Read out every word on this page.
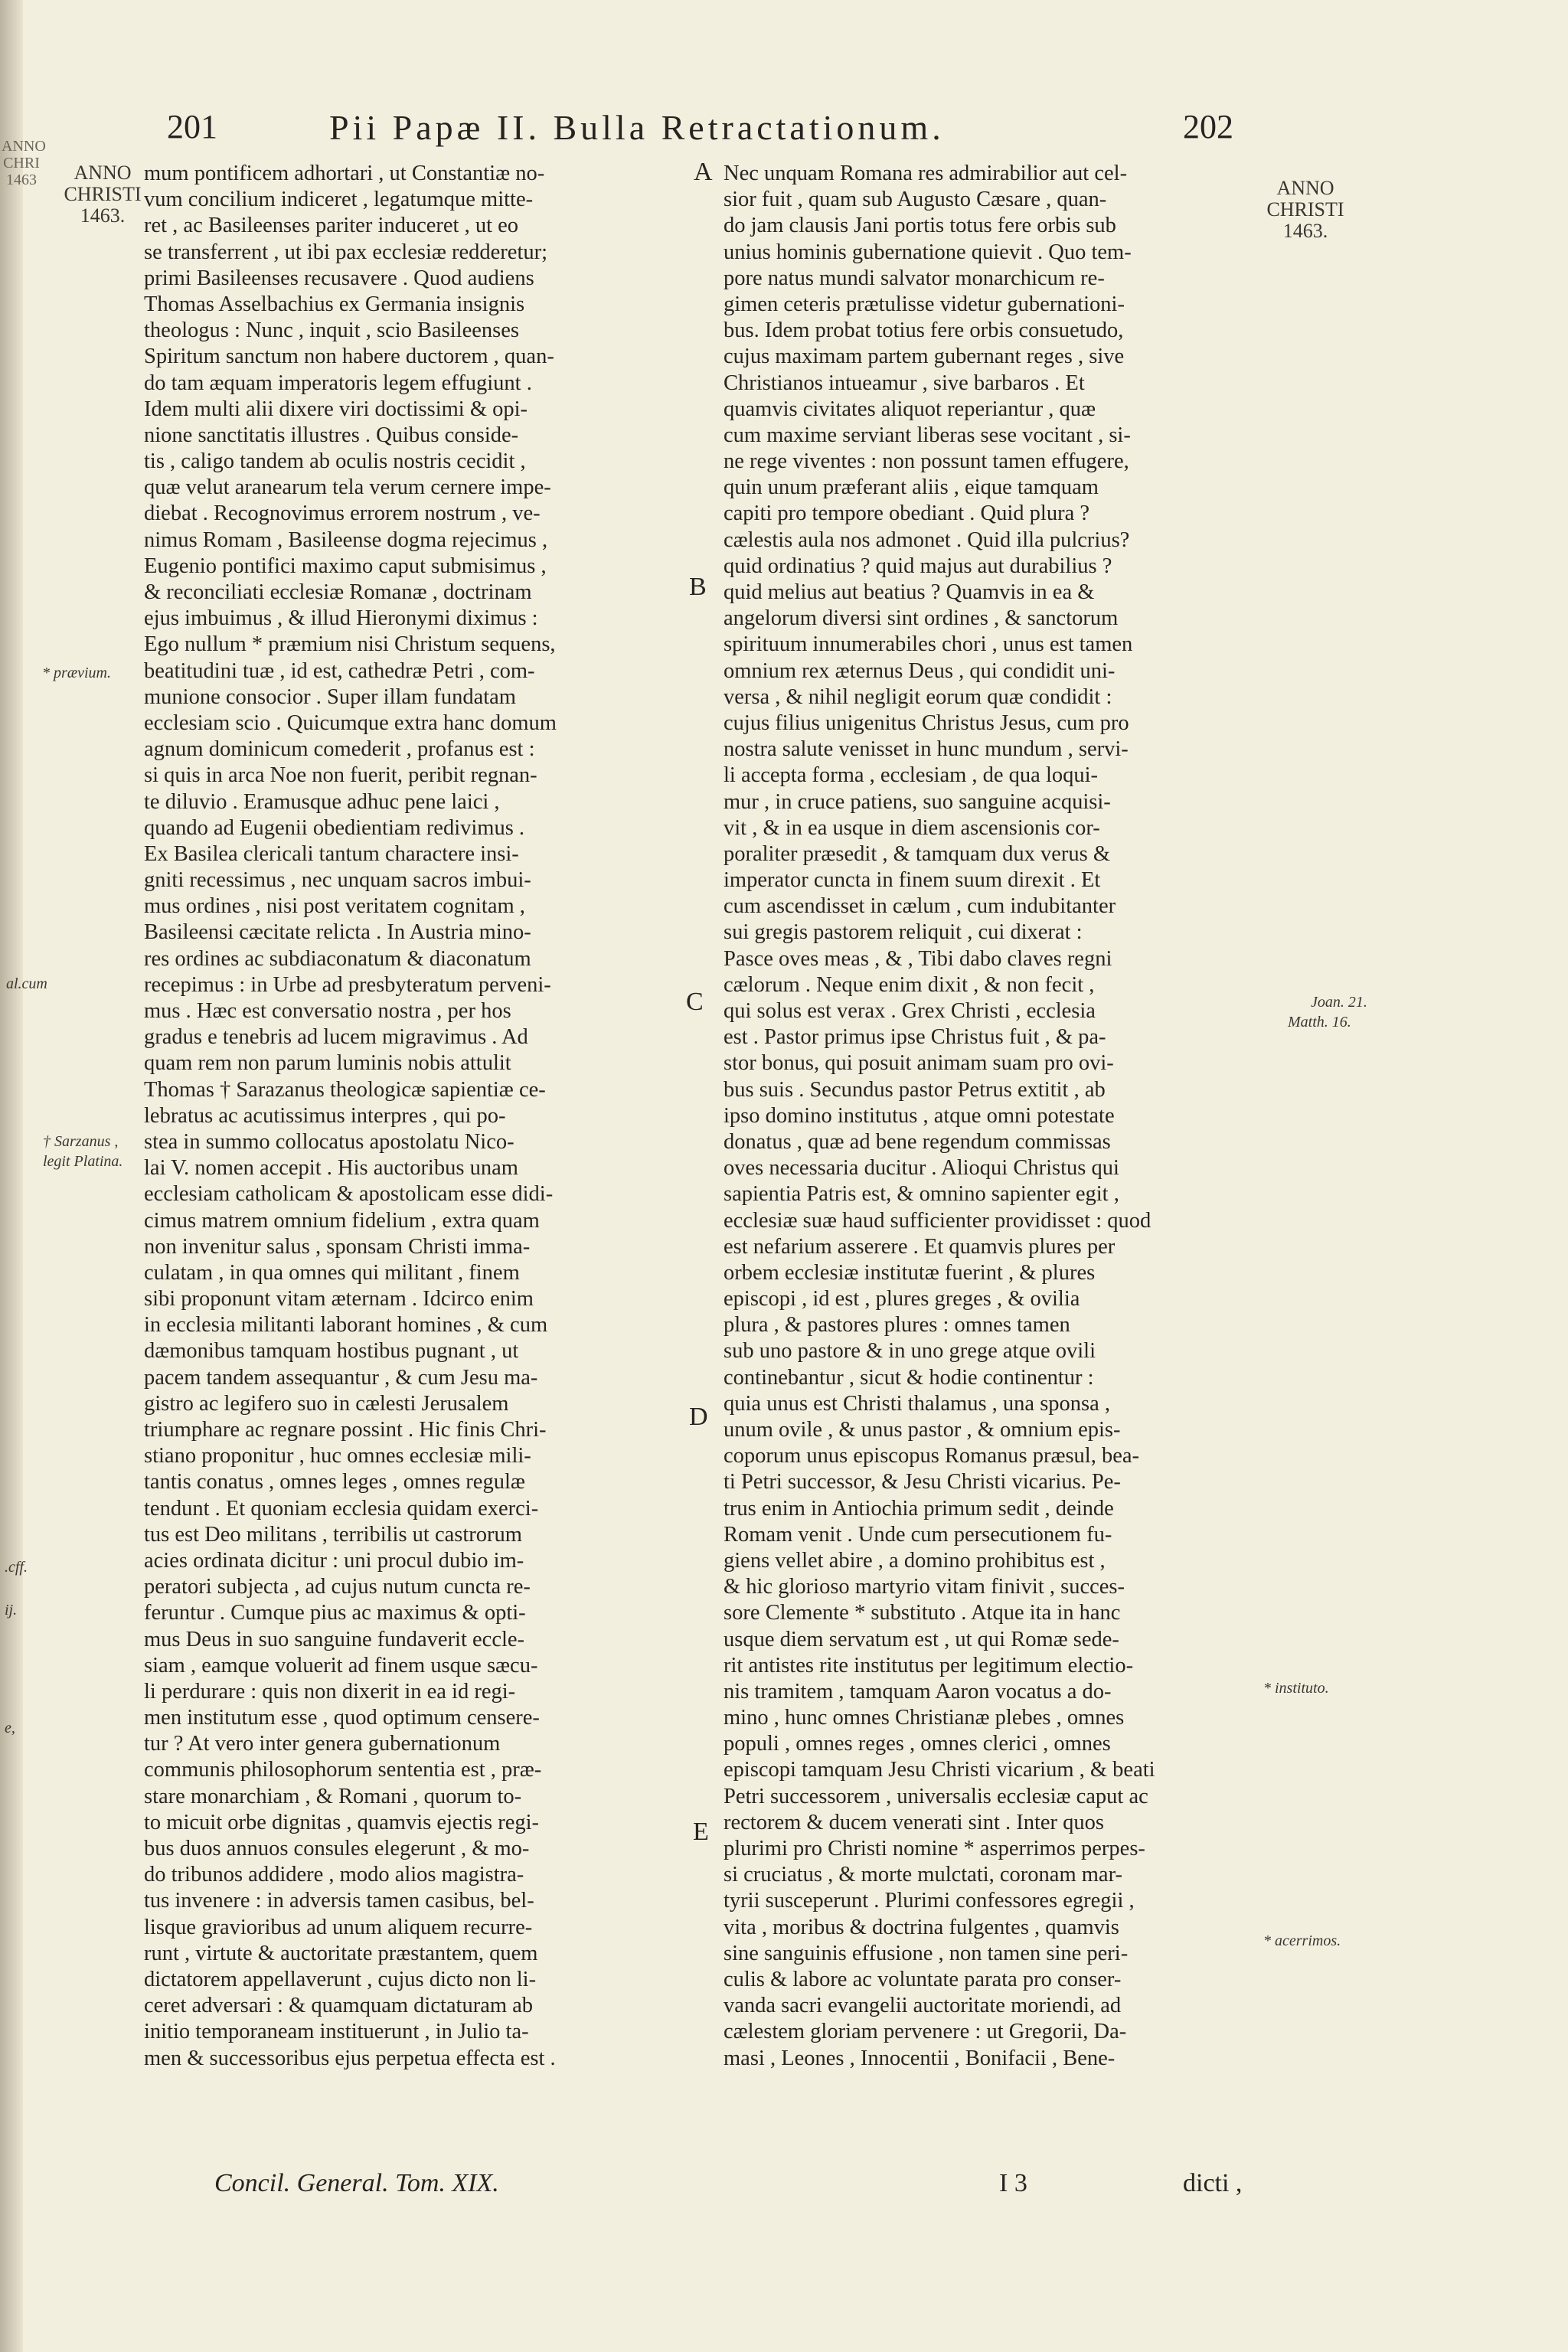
201	Pii Papæ II. Bulla Retractationum.	202
ANNO CHRI 1463	ANNO CHRISTI 1463.
* prævium.
al.cum
† Sarzanus ,
legit Platina.
.cff.
ij.
e,
ANNO CHRISTI 1463.
Joan. 21.
Matth. 16.
* instituto.
* acerrimos.
A
B
C
D
E
mum pontificem adhortari , ut Constantiæ no-
vum concilium indiceret , legatumque mitte-
ret , ac Basileenses pariter induceret , ut eo
se transferrent , ut ibi pax ecclesiæ redderetur;
primi Basileenses recusavere . Quod audiens
Thomas Asselbachius ex Germania insignis
theologus : Nunc , inquit , scio Basileenses
Spiritum sanctum non habere ductorem , quan-
do tam æquam imperatoris legem effugiunt .
Idem multi alii dixere viri doctissimi & opi-
nione sanctitatis illustres . Quibus conside-
tis , caligo tandem ab oculis nostris cecidit ,
quæ velut aranearum tela verum cernere impe-
diebat . Recognovimus errorem nostrum , ve-
nimus Romam , Basileense dogma rejecimus ,
Eugenio pontifici maximo caput submisimus ,
& reconciliati ecclesiæ Romanæ , doctrinam
ejus imbuimus , & illud Hieronymi diximus :
Ego nullum * præmium nisi Christum sequens,
beatitudini tuæ , id est, cathedræ Petri , com-
munione consocior . Super illam fundatam
ecclesiam scio . Quicumque extra hanc domum
agnum dominicum comederit , profanus est :
si quis in arca Noe non fuerit, peribit regnan-
te diluvio . Eramusque adhuc pene laici ,
quando ad Eugenii obedientiam redivimus .
Ex Basilea clericali tantum charactere insi-
gniti recessimus , nec unquam sacros imbui-
mus ordines , nisi post veritatem cognitam ,
Basileensi cæcitate relicta . In Austria mino-
res ordines ac subdiaconatum & diaconatum
recepimus : in Urbe ad presbyteratum perveni-
mus . Hæc est conversatio nostra , per hos
gradus e tenebris ad lucem migravimus . Ad
quam rem non parum luminis nobis attulit
Thomas † Sarazanus theologicæ sapientiæ ce-
lebratus ac acutissimus interpres , qui po-
stea in summo collocatus apostolatu Nico-
lai V. nomen accepit . His auctoribus unam
ecclesiam catholicam & apostolicam esse didi-
cimus matrem omnium fidelium , extra quam
non invenitur salus , sponsam Christi imma-
culatam , in qua omnes qui militant , finem
sibi proponunt vitam æternam . Idcirco enim
in ecclesia militanti laborant homines , & cum
dæmonibus tamquam hostibus pugnant , ut
pacem tandem assequantur , & cum Jesu ma-
gistro ac legifero suo in cælesti Jerusalem
triumphare ac regnare possint . Hic finis Chri-
stiano proponitur , huc omnes ecclesiæ mili-
tantis conatus , omnes leges , omnes regulæ
tendunt . Et quoniam ecclesia quidam exerci-
tus est Deo militans , terribilis ut castrorum
acies ordinata dicitur : uni procul dubio im-
peratori subjecta , ad cujus nutum cuncta re-
feruntur . Cumque pius ac maximus & opti-
mus Deus in suo sanguine fundaverit eccle-
siam , eamque voluerit ad finem usque sæcu-
li perdurare : quis non dixerit in ea id regi-
men institutum esse , quod optimum censere-
tur ? At vero inter genera gubernationum
communis philosophorum sententia est , præ-
stare monarchiam , & Romani , quorum to-
to micuit orbe dignitas , quamvis ejectis regi-
bus duos annuos consules elegerunt , & mo-
do tribunos addidere , modo alios magistra-
tus invenere : in adversis tamen casibus, bel-
lisque gravioribus ad unum aliquem recurre-
runt , virtute & auctoritate præstantem, quem
dictatorem appellaverunt , cujus dicto non li-
ceret adversari : & quamquam dictaturam ab
initio temporaneam instituerunt , in Julio ta-
men & successoribus ejus perpetua effecta est .
Nec unquam Romana res admirabilior aut cel-
sior fuit , quam sub Augusto Cæsare , quan-
do jam clausis Jani portis totus fere orbis sub
unius hominis gubernatione quievit . Quo tem-
pore natus mundi salvator monarchicum re-
gimen ceteris prætulisse videtur gubernationi-
bus. Idem probat totius fere orbis consuetudo,
cujus maximam partem gubernant reges , sive
Christianos intueamur , sive barbaros . Et
quamvis civitates aliquot reperiantur , quæ
cum maxime serviant liberas sese vocitant , si-
ne rege viventes : non possunt tamen effugere,
quin unum præferant aliis , eique tamquam
capiti pro tempore obediant . Quid plura ?
cælestis aula nos admonet . Quid illa pulcrius?
quid ordinatius ? quid majus aut durabilius ?
quid melius aut beatius ? Quamvis in ea &
angelorum diversi sint ordines , & sanctorum
spirituum innumerabiles chori , unus est tamen
omnium rex æternus Deus , qui condidit uni-
versa , & nihil negligit eorum quæ condidit :
cujus filius unigenitus Christus Jesus, cum pro
nostra salute venisset in hunc mundum , servi-
li accepta forma , ecclesiam , de qua loqui-
mur , in cruce patiens, suo sanguine acquisi-
vit , & in ea usque in diem ascensionis cor-
poraliter præsedit , & tamquam dux verus &
imperator cuncta in finem suum direxit . Et
cum ascendisset in cælum , cum indubitanter
sui gregis pastorem reliquit , cui dixerat :
Pasce oves meas , & , Tibi dabo claves regni
cælorum . Neque enim dixit , & non fecit ,
qui solus est verax . Grex Christi , ecclesia
est . Pastor primus ipse Christus fuit , & pa-
stor bonus, qui posuit animam suam pro ovi-
bus suis . Secundus pastor Petrus extitit , ab
ipso domino institutus , atque omni potestate
donatus , quæ ad bene regendum commissas
oves necessaria ducitur . Alioqui Christus qui
sapientia Patris est, & omnino sapienter egit ,
ecclesiæ suæ haud sufficienter providisset : quod
est nefarium asserere . Et quamvis plures per
orbem ecclesiæ institutæ fuerint , & plures
episcopi , id est , plures greges , & ovilia
plura , & pastores plures : omnes tamen
sub uno pastore & in uno grege atque ovili
continebantur , sicut & hodie continentur :
quia unus est Christi thalamus , una sponsa ,
unum ovile , & unus pastor , & omnium epis-
coporum unus episcopus Romanus præsul, bea-
ti Petri successor, & Jesu Christi vicarius. Pe-
trus enim in Antiochia primum sedit , deinde
Romam venit . Unde cum persecutionem fu-
giens vellet abire , a domino prohibitus est ,
& hic glorioso martyrio vitam finivit , succes-
sore Clemente * substituto . Atque ita in hanc
usque diem servatum est , ut qui Romæ sede-
rit antistes rite institutus per legitimum electio-
nis tramitem , tamquam Aaron vocatus a do-
mino , hunc omnes Christianæ plebes , omnes
populi , omnes reges , omnes clerici , omnes
episcopi tamquam Jesu Christi vicarium , & beati
Petri successorem , universalis ecclesiæ caput ac
rectorem & ducem venerati sint . Inter quos
plurimi pro Christi nomine * asperrimos perpes-
si cruciatus , & morte mulctati, coronam mar-
tyrii susceperunt . Plurimi confessores egregii ,
vita , moribus & doctrina fulgentes , quamvis
sine sanguinis effusione , non tamen sine peri-
culis & labore ac voluntate parata pro conser-
vanda sacri evangelii auctoritate moriendi, ad
cælestem gloriam pervenere : ut Gregorii, Da-
masi , Leones , Innocentii , Bonifacii , Bene-
Concil. General. Tom. XIX.	I 3	dicti ,
